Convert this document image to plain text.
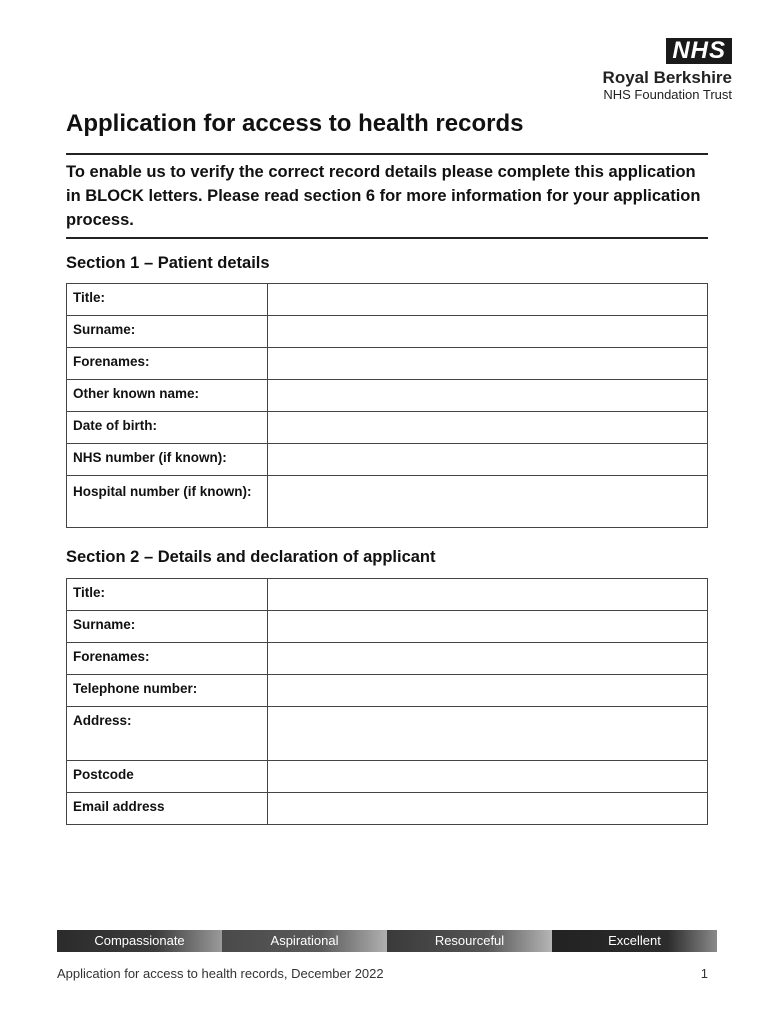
NHS
Royal Berkshire
NHS Foundation Trust
Application for access to health records
To enable us to verify the correct record details please complete this application in BLOCK letters. Please read section 6 for more information for your application process.
Section 1 – Patient details
Title:	
Surname:	
Forenames:	
Other known name:	
Date of birth:	
NHS number (if known):	
Hospital number (if known):	
Section 2 – Details and declaration of applicant
Title:	
Surname:	
Forenames:	
Telephone number:	
Address:	
Postcode	
Email address	
Compassionate	Aspirational	Resourceful	Excellent
Application for access to health records, December 2022	1
